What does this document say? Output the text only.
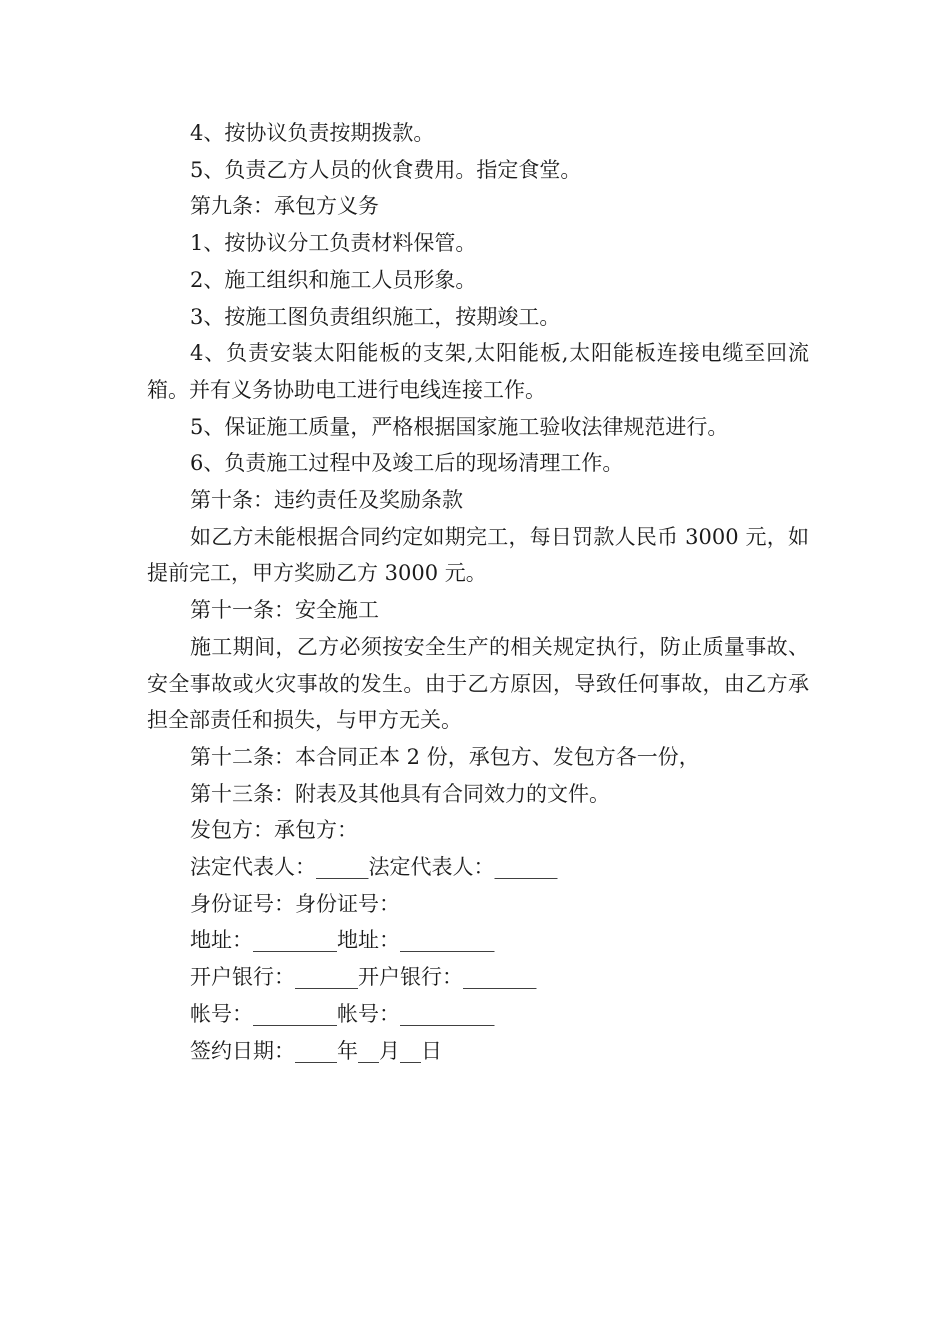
4、按协议负责按期拨款。

5、负责乙方人员的伙食费用。指定食堂。

第九条：承包方义务

1、按协议分工负责材料保管。

2、施工组织和施工人员形象。

3、按施工图负责组织施工，按期竣工。

4、负责安装太阳能板的支架,太阳能板,太阳能板连接电缆至回流箱。并有义务协助电工进行电线连接工作。

5、保证施工质量，严格根据国家施工验收法律规范进行。

6、负责施工过程中及竣工后的现场清理工作。

第十条：违约责任及奖励条款

如乙方未能根据合同约定如期完工，每日罚款人民币 3000 元，如提前完工，甲方奖励乙方 3000 元。

第十一条：安全施工

施工期间，乙方必须按安全生产的相关规定执行，防止质量事故、安全事故或火灾事故的发生。由于乙方原因，导致任何事故，由乙方承担全部责任和损失，与甲方无关。

第十二条：本合同正本 2 份，承包方、发包方各一份，

第十三条：附表及其他具有合同效力的文件。

发包方：承包方：

法定代表人：_____法定代表人：______

身份证号：身份证号：

地址：________地址：_________

开户银行：______开户银行：_______

帐号：________帐号：_________

签约日期：____年__月__日
